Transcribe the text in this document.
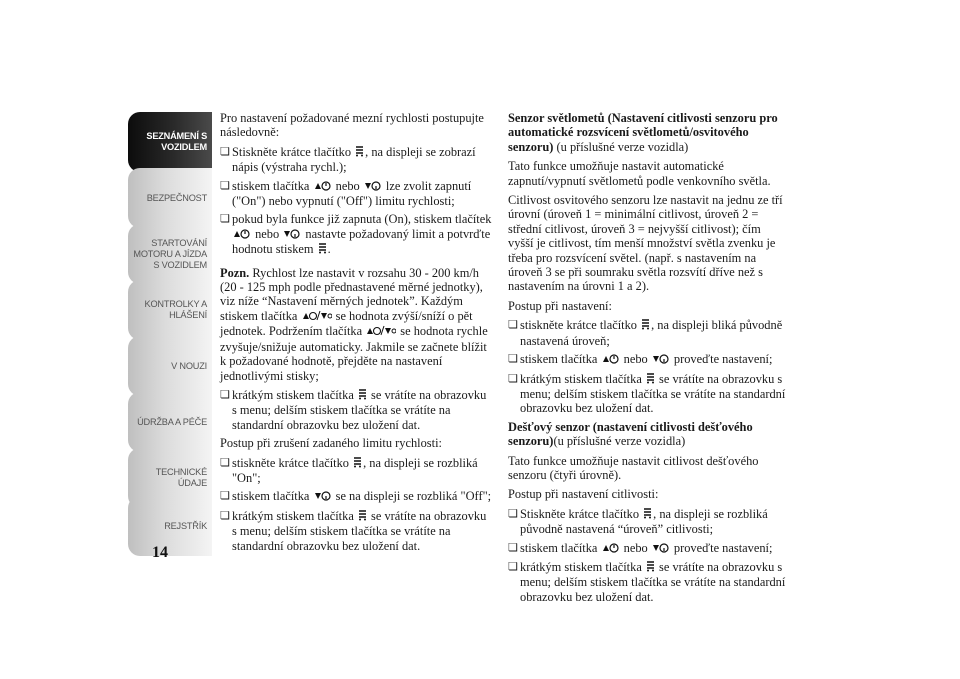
SEZNÁMENÍ S
VOZIDLEM
BEZPEČNOST
STARTOVÁNÍ
MOTORU A JÍZDA
S VOZIDLEM
KONTROLKY A
HLÁŠENÍ
V NOUZI
ÚDRŽBA A PÉČE
TECHNICKÉ
ÚDAJE
REJSTŘÍK
14

Pro nastavení požadované mezní rychlosti postupujte následovně:

❏ Stiskněte krátce tlačítko , na displeji se zobrazí nápis (výstraha rychl.);
❏ stiskem tlačítka  nebo  lze zvolit zapnutí ("On") nebo vypnutí ("Off") limitu rychlosti;
❏ pokud byla funkce již zapnuta (On), stiskem tlačítek  nebo  nastavte požadovaný limit a potvrďte hodnotu stiskem .

Pozn. Rychlost lze nastavit v rozsahu 30 - 200 km/h (20 - 125 mph podle přednastavené měrné jednotky), viz níže “Nastavení měrných jednotek”. Každým stiskem tlačítka	se hodnota zvýší/sníží o pět jednotek. Podržením tlačítka	se hodnota rychle zvyšuje/snižuje automaticky. Jakmile se začnete blížit k požadované hodnotě, přejděte na nastavení jednotlivými stisky;

❏ krátkým stiskem tlačítka  se vrátíte na obrazovku s menu; delším stiskem tlačítka se vrátíte na standardní obrazovku bez uložení dat.

Postup při zrušení zadaného limitu rychlosti:

❏ stiskněte krátce tlačítko , na displeji se rozbliká "On";
❏ stiskem tlačítka  se na displeji se rozbliká "Off";
❏ krátkým stiskem tlačítka  se vrátíte na obrazovku s menu; delším stiskem tlačítka se vrátíte na standardní obrazovku bez uložení dat.

Senzor světlometů (Nastavení citlivosti senzoru pro automatické rozsvícení světlometů/osvitového senzoru) (u příslušné verze vozidla)

Tato funkce umožňuje nastavit automatické zapnutí/vypnutí světlometů podle venkovního světla.

Citlivost osvitového senzoru lze nastavit na jednu ze tří úrovní (úroveň 1 = minimální citlivost, úroveň 2 = střední citlivost, úroveň 3 = nejvyšší citlivost); čím vyšší je citlivost, tím menší množství světla zvenku je třeba pro rozsvícení světel. (např. s nastavením na úroveň 3 se při soumraku světla rozsvítí dříve než s nastavením na úrovni 1 a 2).

Postup při nastavení:

❏ stiskněte krátce tlačítko , na displeji bliká původně nastavená úroveň;
❏ stiskem tlačítka  nebo  proveďte nastavení;
❏ krátkým stiskem tlačítka  se vrátíte na obrazovku s menu; delším stiskem tlačítka se vrátíte na standardní obrazovku bez uložení dat.

Dešťový senzor (nastavení citlivosti dešťového senzoru)(u příslušné verze vozidla)

Tato funkce umožňuje nastavit citlivost dešťového senzoru (čtyři úrovně).

Postup při nastavení citlivosti:

❏ Stiskněte krátce tlačítko , na displeji se rozbliká původně nastavená “úroveň” citlivosti;
❏ stiskem tlačítka  nebo  proveďte nastavení;
❏ krátkým stiskem tlačítka  se vrátíte na obrazovku s menu; delším stiskem tlačítka se vrátíte na standardní obrazovku bez uložení dat.
